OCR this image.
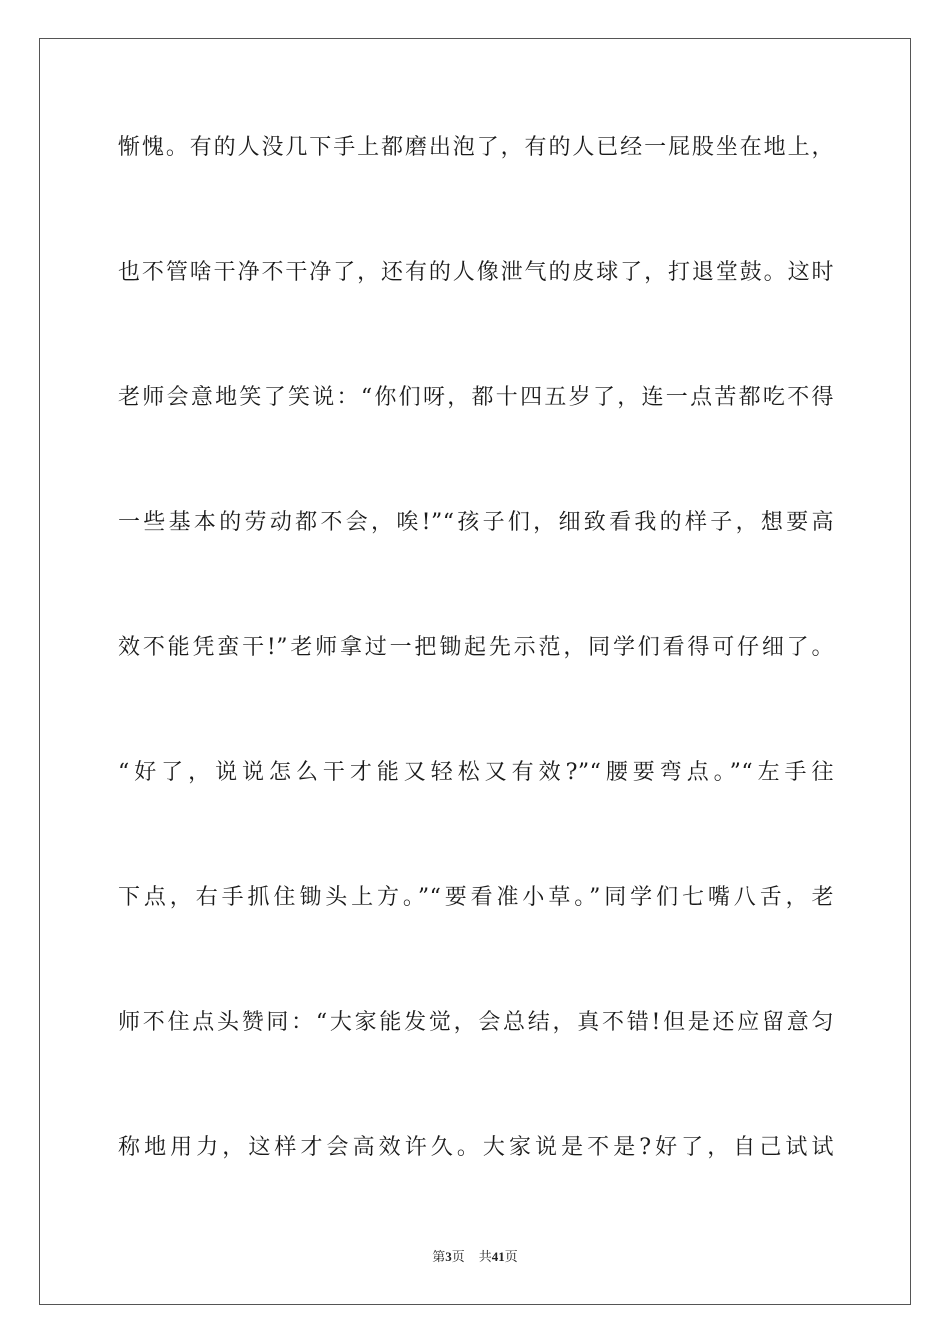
惭愧。有的人没几下手上都磨出泡了，有的人已经一屁股坐在地上，
也不管啥干净不干净了，还有的人像泄气的皮球了，打退堂鼓。这时
老师会意地笑了笑说：“你们呀，都十四五岁了，连一点苦都吃不得
一些基本的劳动都不会，唉!”“孩子们，细致看我的样子，想要高
效不能凭蛮干!”老师拿过一把锄起先示范，同学们看得可仔细了。
“好了，说说怎么干才能又轻松又有效?”“腰要弯点。”“左手往
下点，右手抓住锄头上方。”“要看准小草。”同学们七嘴八舌，老
师不住点头赞同：“大家能发觉，会总结，真不错!但是还应留意匀
称地用力，这样才会高效许久。大家说是不是?好了，自己试试
第3页 共41页
